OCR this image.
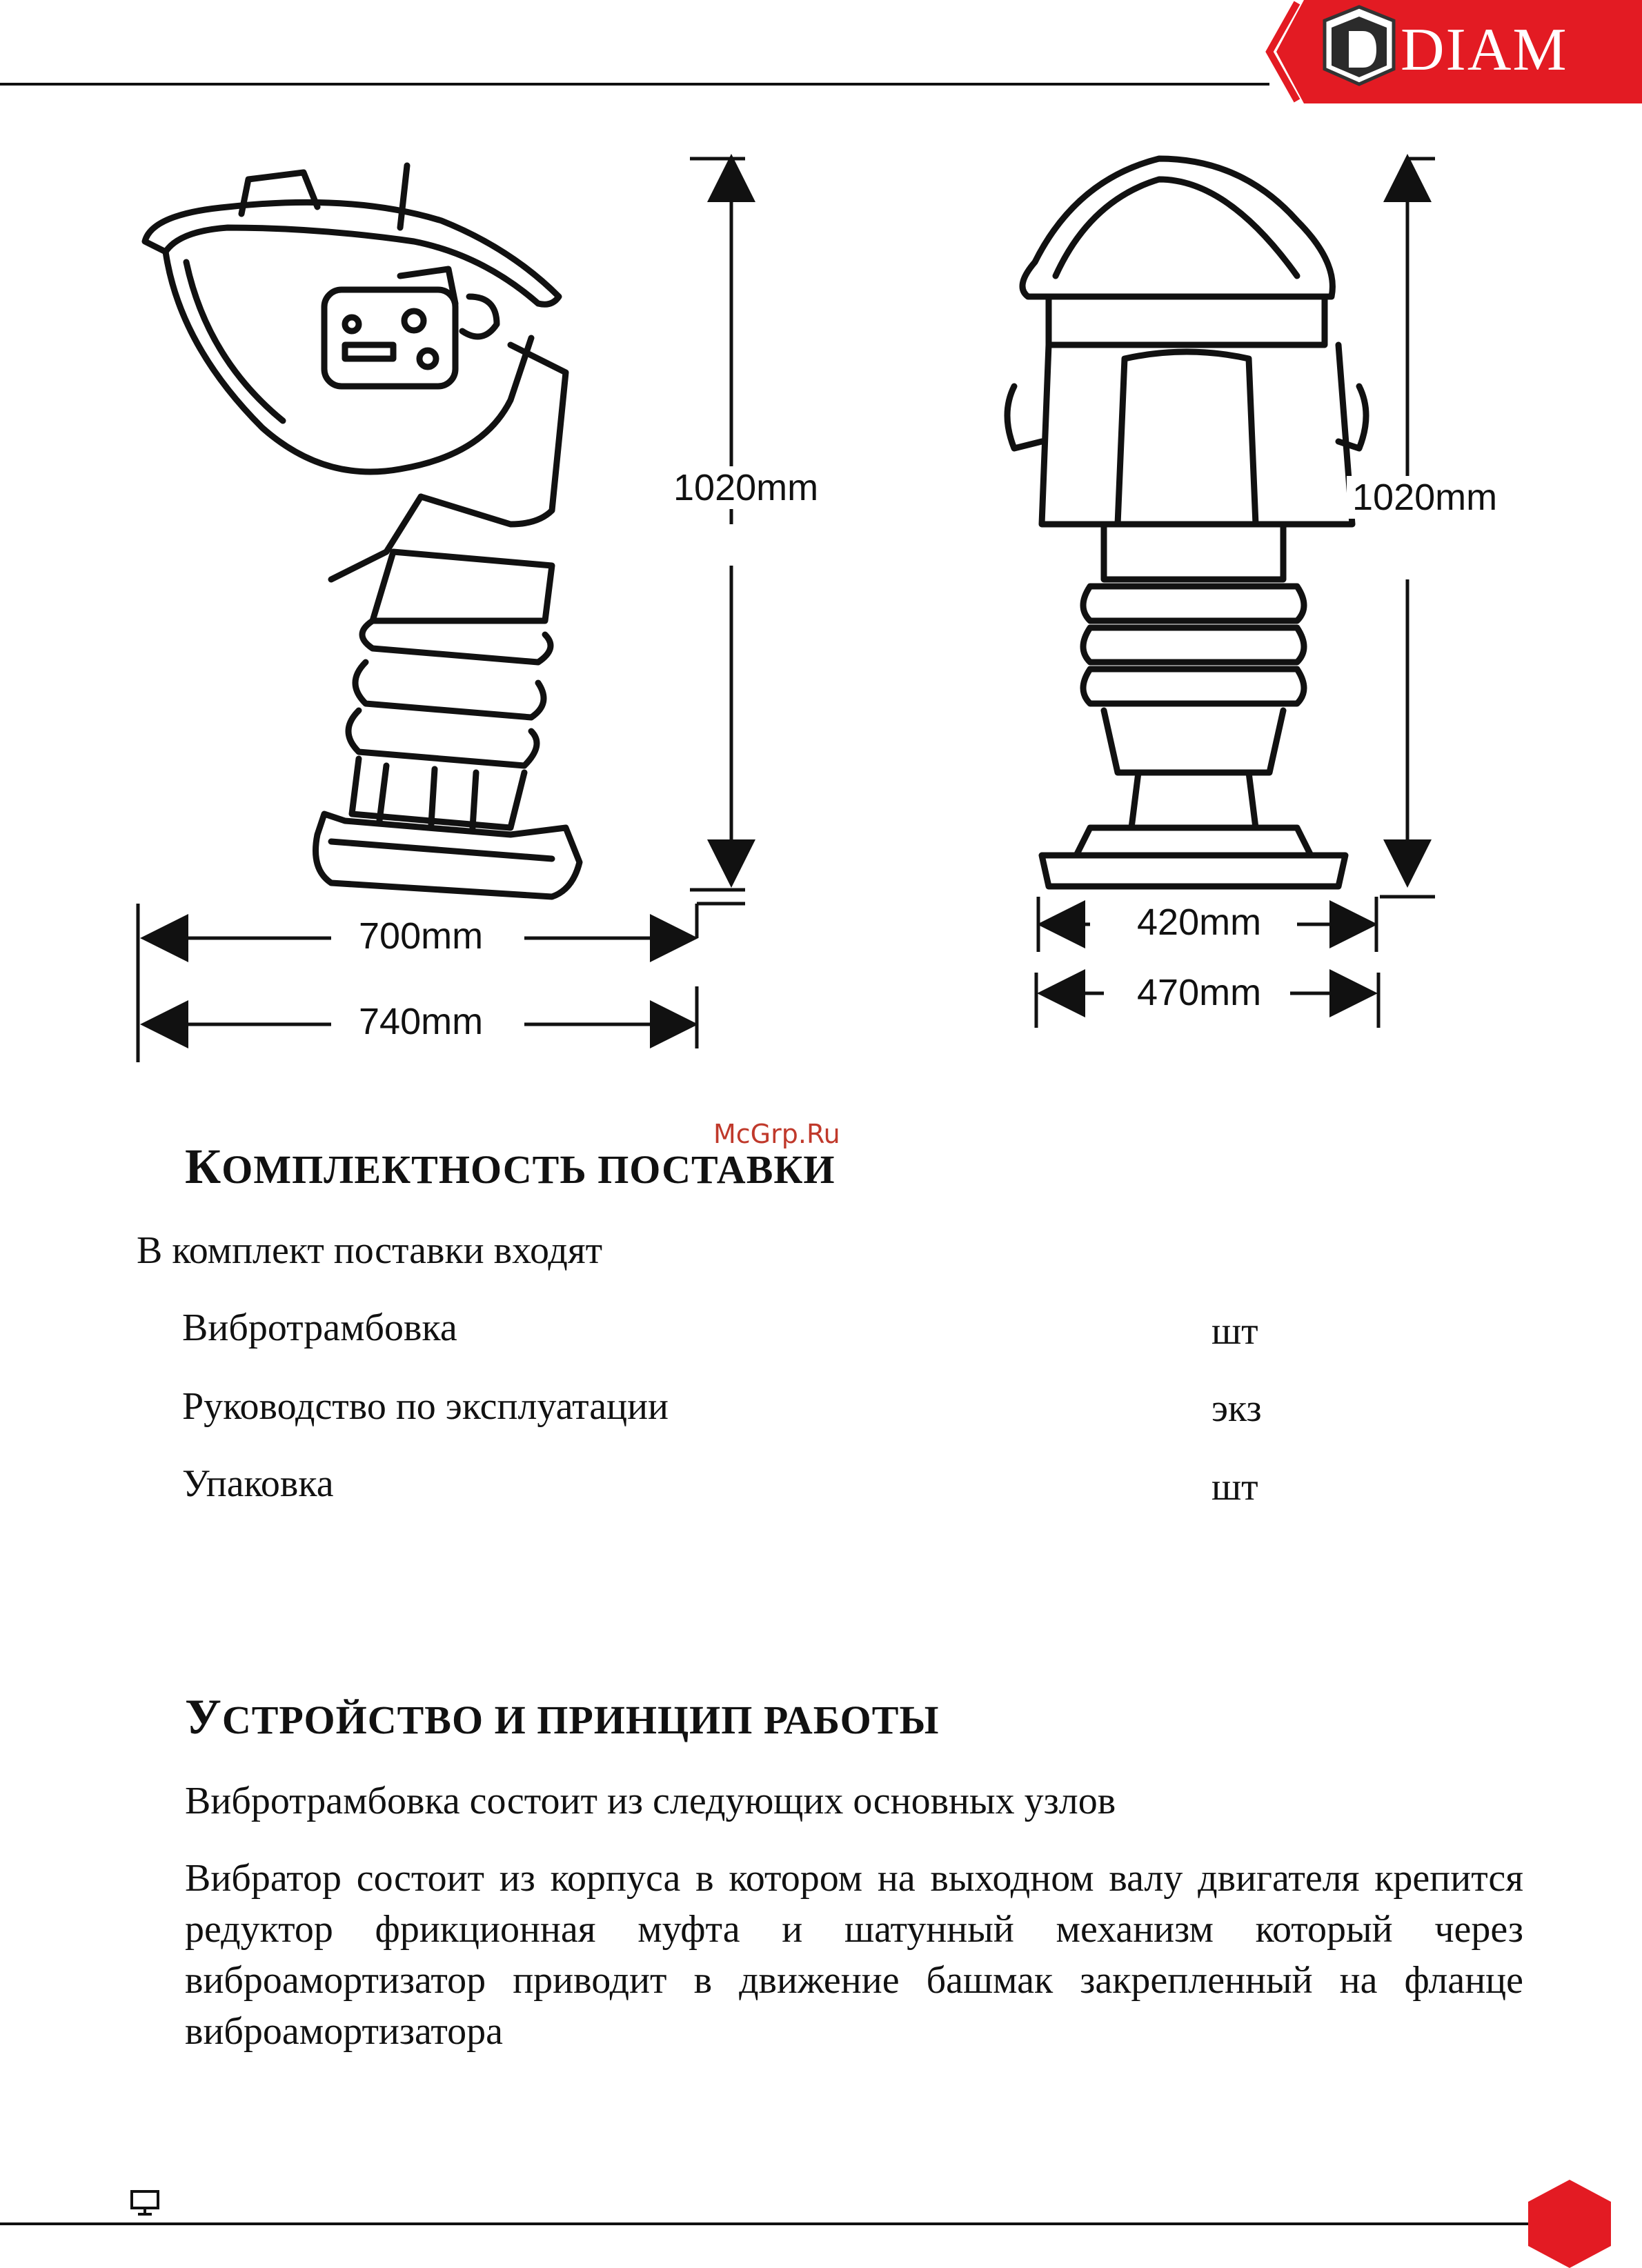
DIAM
1020mm
700mm
740mm
1020mm
420mm
470mm
McGrp.Ru
КОМПЛЕКТНОСТЬ ПОСТАВКИ
В комплект поставки входят
Вибротрамбовка	шт
Руководство по эксплуатации	экз
Упаковка	шт
УСТРОЙСТВО И ПРИНЦИП РАБОТЫ
Вибротрамбовка состоит из следующих основных узлов
Вибратор состоит из корпуса в котором на выходном валу двигателя крепится редуктор фрикционная муфта и шатунный механизм который через виброамортизатор приводит в движение башмак закрепленный на фланце виброамортизатора
